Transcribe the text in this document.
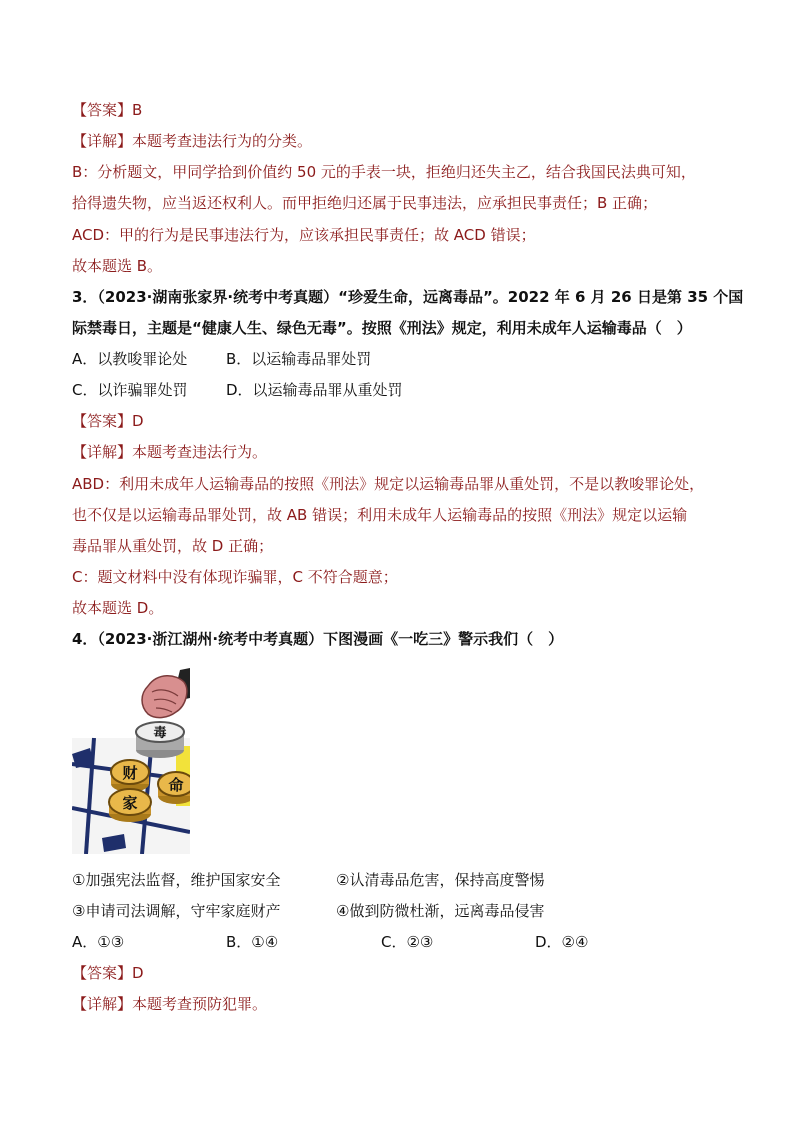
【答案】B
【详解】本题考查违法行为的分类。
B：分析题文，甲同学拾到价值约 50 元的手表一块，拒绝归还失主乙，结合我国民法典可知，
拾得遗失物，应当返还权利人。而甲拒绝归还属于民事违法，应承担民事责任；B 正确；
ACD：甲的行为是民事违法行为，应该承担民事责任；故 ACD 错误；
故本题选 B。
3．（2023·湖南张家界·统考中考真题）“珍爱生命，远离毒品”。2022 年 6 月 26 日是第 35 个国
际禁毒日，主题是“健康人生、绿色无毒”。按照《刑法》规定，利用未成年人运输毒品（　）
A．以教唆罪论处	B．以运输毒品罪处罚
C．以诈骗罪处罚	D．以运输毒品罪从重处罚
【答案】D
【详解】本题考查违法行为。
ABD：利用未成年人运输毒品的按照《刑法》规定以运输毒品罪从重处罚，不是以教唆罪论处，
也不仅是以运输毒品罪处罚，故 AB 错误；利用未成年人运输毒品的按照《刑法》规定以运输
毒品罪从重处罚，故 D 正确；
C：题文材料中没有体现诈骗罪，C 不符合题意；
故本题选 D。
4．（2023·浙江湖州·统考中考真题）下图漫画《一吃三》警示我们（　）
毒
财
命
家
①加强宪法监督，维护国家安全	②认清毒品危害，保持高度警惕
③申请司法调解，守牢家庭财产	④做到防微杜渐，远离毒品侵害
A．①③	B．①④	C．②③	D．②④
【答案】D
【详解】本题考查预防犯罪。
